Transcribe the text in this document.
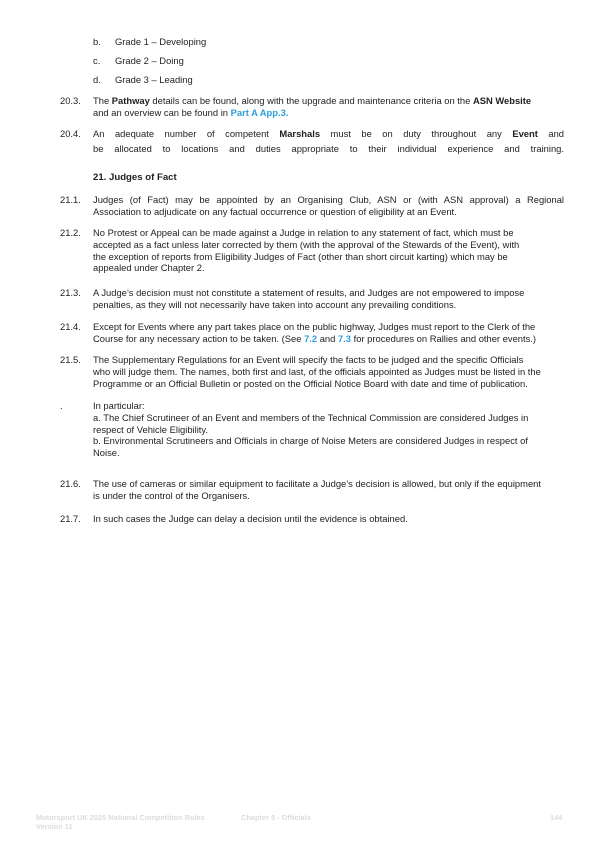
b. Grade 1 – Developing
c. Grade 2 – Doing
d. Grade 3 – Leading
20.3. The Pathway details can be found, along with the upgrade and maintenance criteria on the ASN Website
and an overview can be found in Part A App.3.
20.4. An adequate number of competent Marshals must be on duty throughout any Event and
be allocated to locations and duties appropriate to their individual experience and training.
21. Judges of Fact
21.1. Judges (of Fact) may be appointed by an Organising Club, ASN or (with ASN approval) a Regional
Association to adjudicate on any factual occurrence or question of eligibility at an Event.
21.2. No Protest or Appeal can be made against a Judge in relation to any statement of fact, which must be
accepted as a fact unless later corrected by them (with the approval of the Stewards of the Event), with
the exception of reports from Eligibility Judges of Fact (other than short circuit karting) which may be
appealed under Chapter 2.
21.3. A Judge’s decision must not constitute a statement of results, and Judges are not empowered to impose
penalties, as they will not necessarily have taken into account any prevailing conditions.
21.4. Except for Events where any part takes place on the public highway, Judges must report to the Clerk of the
Course for any necessary action to be taken. (See 7.2 and 7.3 for procedures on Rallies and other events.)
21.5. The Supplementary Regulations for an Event will specify the facts to be judged and the specific Officials
who will judge them. The names, both first and last, of the officials appointed as Judges must be listed in the
Programme or an Official Bulletin or posted on the Official Notice Board with date and time of publication.
.	In particular:
a. The Chief Scrutineer of an Event and members of the Technical Commission are considered Judges in
respect of Vehicle Eligibility.
b. Environmental Scrutineers and Officials in charge of Noise Meters are considered Judges in respect of
Noise.
21.6. The use of cameras or similar equipment to facilitate a Judge’s decision is allowed, but only if the equipment
is under the control of the Organisers.
21.7. In such cases the Judge can delay a decision until the evidence is obtained.
Motorsport UK 2025 National Competition Rules
Version 11
Chapter 5 - Officials	144
